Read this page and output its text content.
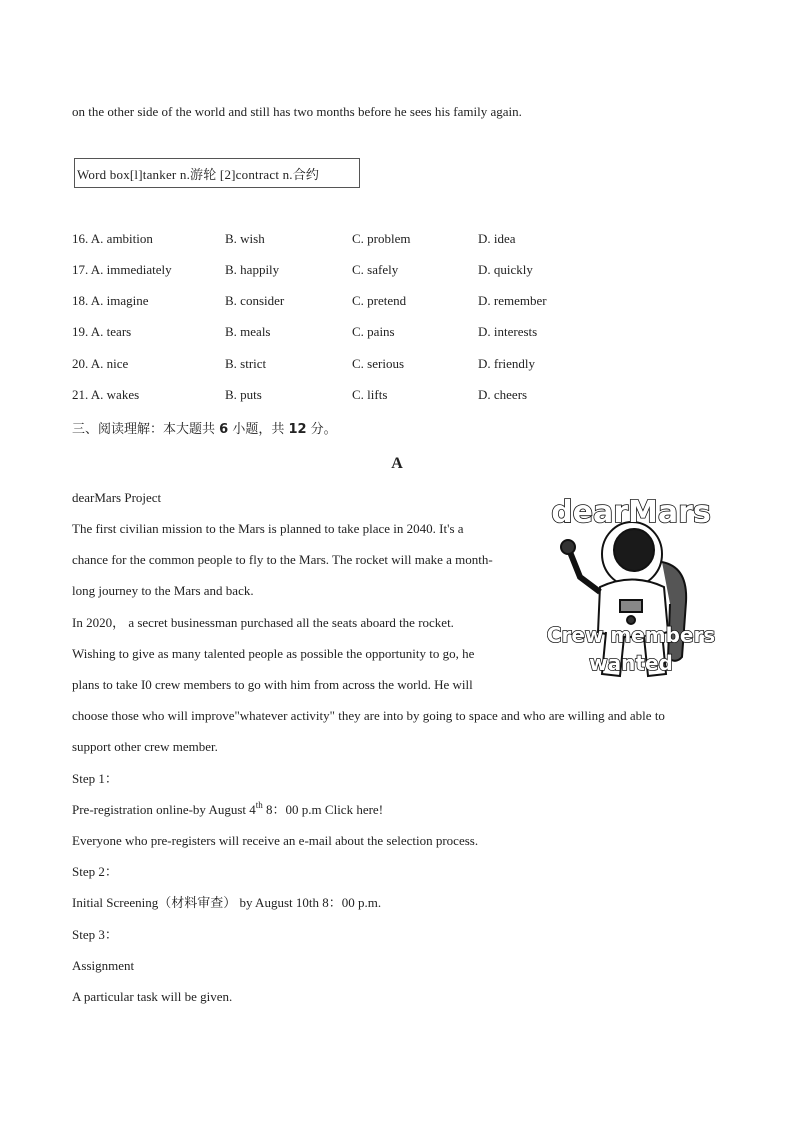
on the other side of the world and still has two months before he sees his family again.
Word box[l]tanker n.游轮 [2]contract n.合约
16. A. ambition	B. wish	C. problem	D. idea
17. A. immediately	B. happily	C. safely	D. quickly
18. A. imagine	B. consider	C. pretend	D. remember
19. A. tears	B. meals	C. pains	D. interests
20. A. nice	B. strict	C. serious	D. friendly
21. A. wakes	B. puts	C. lifts	D. cheers
三、阅读理解：本大题共 6 小题，共 12 分。
A
dearMars
Crew members
wanted
dearMars Project
The first civilian mission to the Mars is planned to take place in 2040. It's a
chance for the common people to fly to the Mars. The rocket will make a month-
long journey to the Mars and back.
In 2020， a secret businessman purchased all the seats aboard the rocket.
Wishing to give as many talented people as possible the opportunity to go, he
plans to take I0 crew members to go with him from across the world. He will
choose those who will improve"whatever activity" they are into by going to space and who are willing and able to
support other crew member.
Step 1：
Pre-registration online-by August 4th 8：00 p.m Click here!
Everyone who pre-registers will receive an e-mail about the selection process.
Step 2：
Initial Screening（材料审查） by August 10th 8：00 p.m.
Step 3：
Assignment
A particular task will be given.
